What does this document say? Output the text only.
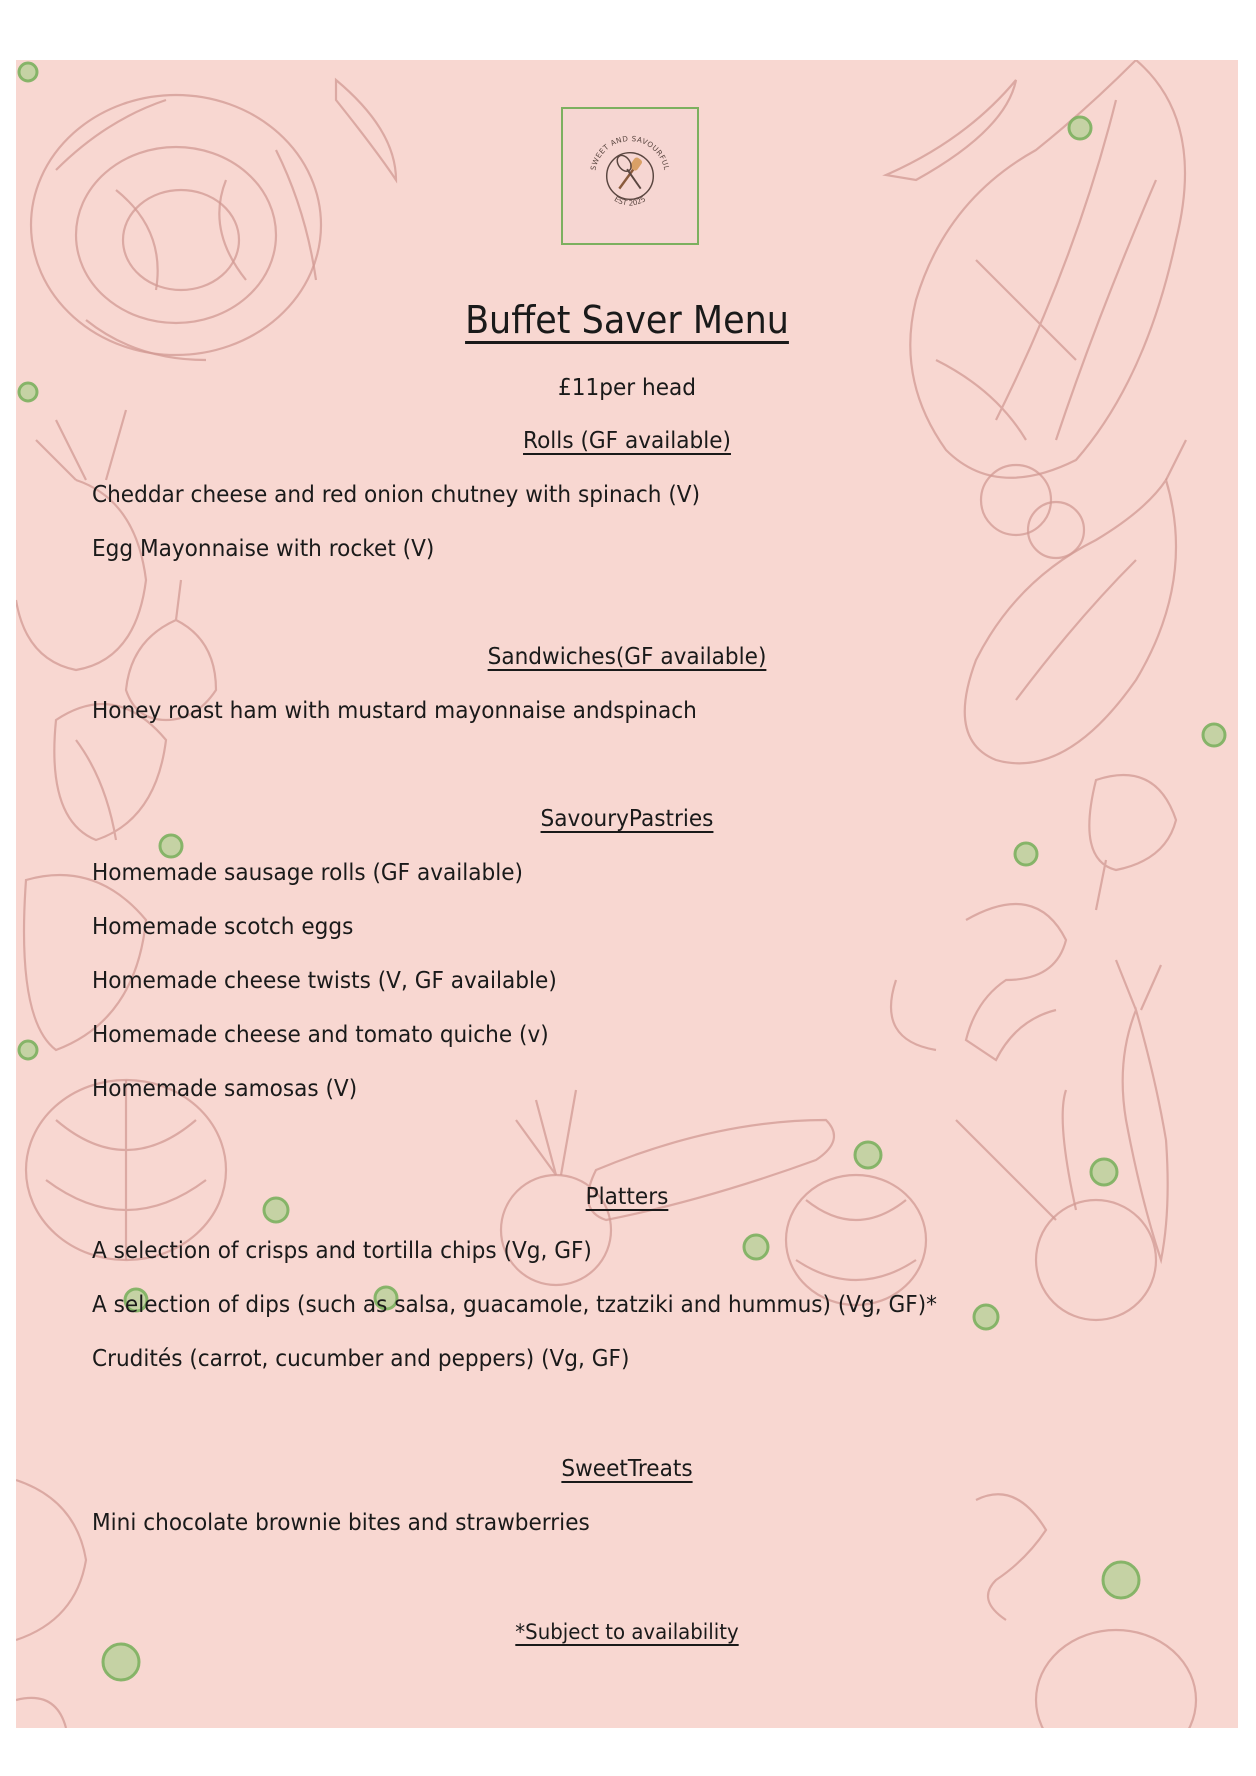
SWEET AND SAVOURFUL
EST 2025
Buffet Saver Menu
£11per head
Rolls (GF available)
Cheddar cheese and red onion chutney with spinach (V)
Egg Mayonnaise with rocket (V)
Sandwiches(GF available)
Honey roast ham with mustard mayonnaise andspinach
SavouryPastries
Homemade sausage rolls (GF available)
Homemade scotch eggs
Homemade cheese twists (V, GF available)
Homemade cheese and tomato quiche (v)
Homemade samosas (V)
Platters
A selection of crisps and tortilla chips (Vg, GF)
A selection of dips (such as salsa, guacamole, tzatziki and hummus) (Vg, GF)*
Crudités (carrot, cucumber and peppers) (Vg, GF)
SweetTreats
Mini chocolate brownie bites and strawberries
*Subject to availability
